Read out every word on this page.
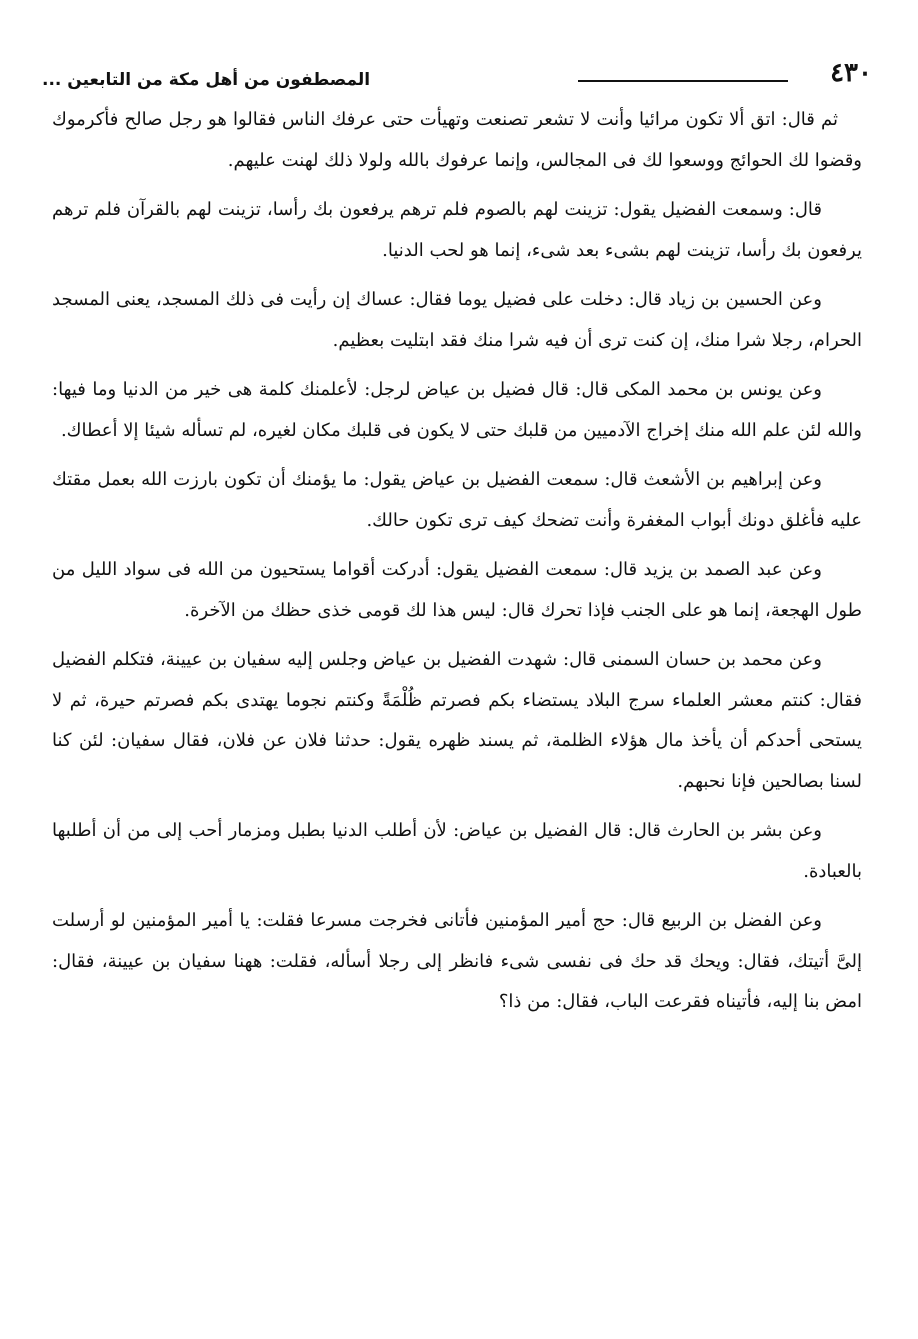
٤٣٠
المصطفون من أهل مكة من التابعين ...

ثم قال: اتق ألا تكون مرائيا وأنت لا تشعر تصنعت وتهيأت حتى عرفك الناس فقالوا هو رجل صالح فأكرموك وقضوا لك الحوائج ووسعوا لك فى المجالس، وإنما عرفوك بالله ولولا ذلك لهنت عليهم.

قال: وسمعت الفضيل يقول: تزينت لهم بالصوم فلم ترهم يرفعون بك رأسا، تزينت لهم بالقرآن فلم ترهم يرفعون بك رأسا، تزينت لهم بشىء بعد شىء، إنما هو لحب الدنيا.

وعن الحسين بن زياد قال: دخلت على فضيل يوما فقال: عساك إن رأيت فى ذلك المسجد، يعنى المسجد الحرام، رجلا شرا منك، إن كنت ترى أن فيه شرا منك فقد ابتليت بعظيم.

وعن يونس بن محمد المكى قال: قال فضيل بن عياض لرجل: لأعلمنك كلمة هى خير من الدنيا وما فيها: والله لئن علم الله منك إخراج الآدميين من قلبك حتى لا يكون فى قلبك مكان لغيره، لم تسأله شيئا إلا أعطاك.

وعن إبراهيم بن الأشعث قال: سمعت الفضيل بن عياض يقول: ما يؤمنك أن تكون بارزت الله بعمل مقتك عليه فأغلق دونك أبواب المغفرة وأنت تضحك كيف ترى تكون حالك.

وعن عبد الصمد بن يزيد قال: سمعت الفضيل يقول: أدركت أقواما يستحيون من الله فى سواد الليل من طول الهجعة، إنما هو على الجنب فإذا تحرك قال: ليس هذا لك قومى خذى حظك من الآخرة.

وعن محمد بن حسان السمنى قال: شهدت الفضيل بن عياض وجلس إليه سفيان بن عيينة، فتكلم الفضيل فقال: كنتم معشر العلماء سرج البلاد يستضاء بكم فصرتم ظُلْمَةً وكنتم نجوما يهتدى بكم فصرتم حيرة، ثم لا يستحى أحدكم أن يأخذ مال هؤلاء الظلمة، ثم يسند ظهره يقول: حدثنا فلان عن فلان، فقال سفيان: لئن كنا لسنا بصالحين فإنا نحبهم.

وعن بشر بن الحارث قال: قال الفضيل بن عياض: لأن أطلب الدنيا بطبل ومزمار أحب إلى من أن أطلبها بالعبادة.

وعن الفضل بن الربيع قال: حج أمير المؤمنين فأتانى فخرجت مسرعا فقلت: يا أمير المؤمنين لو أرسلت إلىَّ أتيتك، فقال: ويحك قد حك فى نفسى شىء فانظر إلى رجلا أسأله، فقلت: ههنا سفيان بن عيينة، فقال: امض بنا إليه، فأتيناه فقرعت الباب، فقال: من ذا؟
